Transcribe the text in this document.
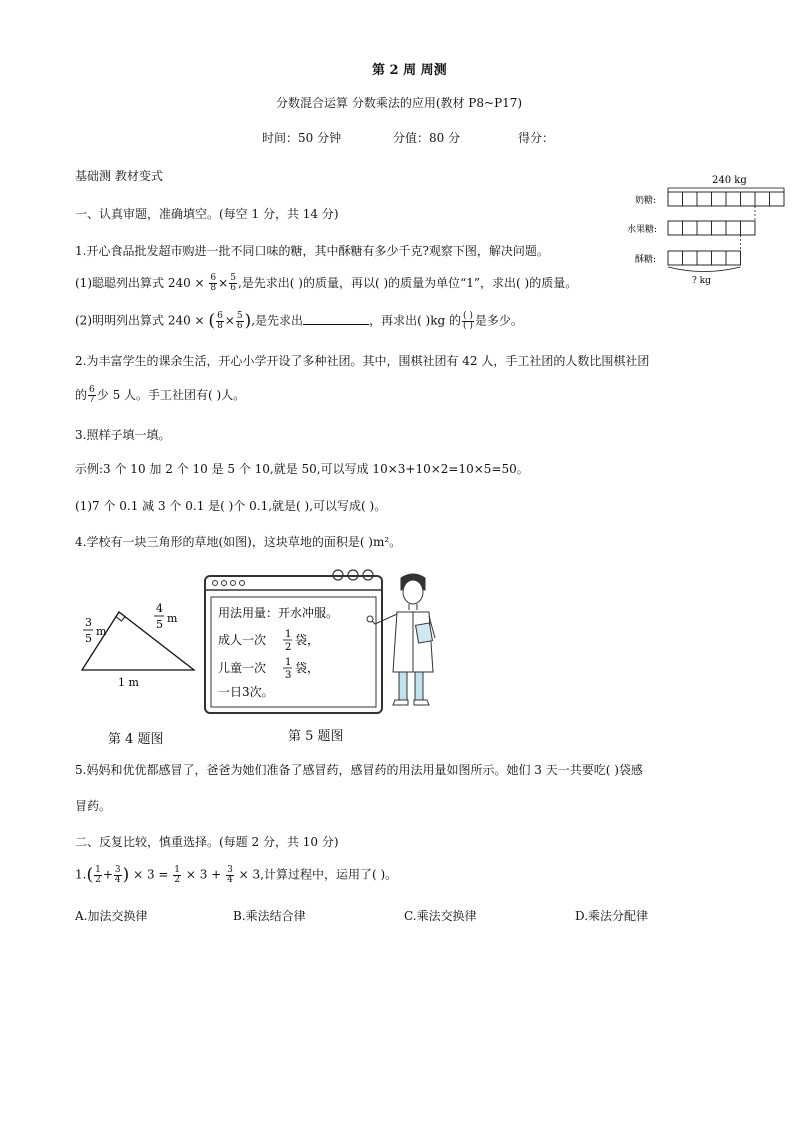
第 2 周 周测
分数混合运算 分数乘法的应用(教材 P8~P17)
时间：50 分钟	分值：80 分	得分：
基础测 教材变式
一、认真审题，准确填空。(每空 1 分，共 14 分)
1.开心食品批发超市购进一批不同口味的糖，其中酥糖有多少千克?观察下图，解决问题。
(1)聪聪列出算式 $240 \times \frac{6}{8} \times \frac{5}{6}$ ,是先求出( )的质量，再以( )的质量为单位“1”，求出( )的质量。
(2)明明列出算式 240 × ( $\frac{6}{8} \times \frac{5}{6}$ ),是先求出	，再求出( )kg 的 $\frac{( )}{( )}$ 是多少。
2.为丰富学生的课余生活，开心小学开设了多种社团。其中，围棋社团有 42 人，手工社团的人数比围棋社团
的 $\frac{6}{7}$ 少 5 人。手工社团有( )人。
3.照样子填一填。
示例:3 个 10 加 2 个 10 是 5 个 10,就是 50,可以写成 10×3+10×2=10×5=50。
(1)7 个 0.1 减 3 个 0.1 是( )个 0.1,就是( ),可以写成( )。
4.学校有一块三角形的草地(如图)，这块草地的面积是( )m²。
240 kg
奶糖:
水果糖:
酥糖:
? kg
3
5
m
4
5 m
1 m
第 4 题图
用法用量：开水冲服。
成人一次 1
2
袋，
儿童一次 1
3
袋，
一日3次。
第 5 题图
5.妈妈和优优都感冒了，爸爸为她们准备了感冒药，感冒药的用法用量如图所示。她们 3 天一共要吃( )袋感
冒药。
二、反复比较，慎重选择。(每题 2 分，共 10 分)
$1.( \frac{1}{2} + \frac{3}{4}$ ) × $3 = \frac{1}{2} \times 3 + \frac{3}{4} \times 3$,计算过程中，运用了( )。
A.加法交换律	B.乘法结合律	C.乘法交换律	D.乘法分配律
